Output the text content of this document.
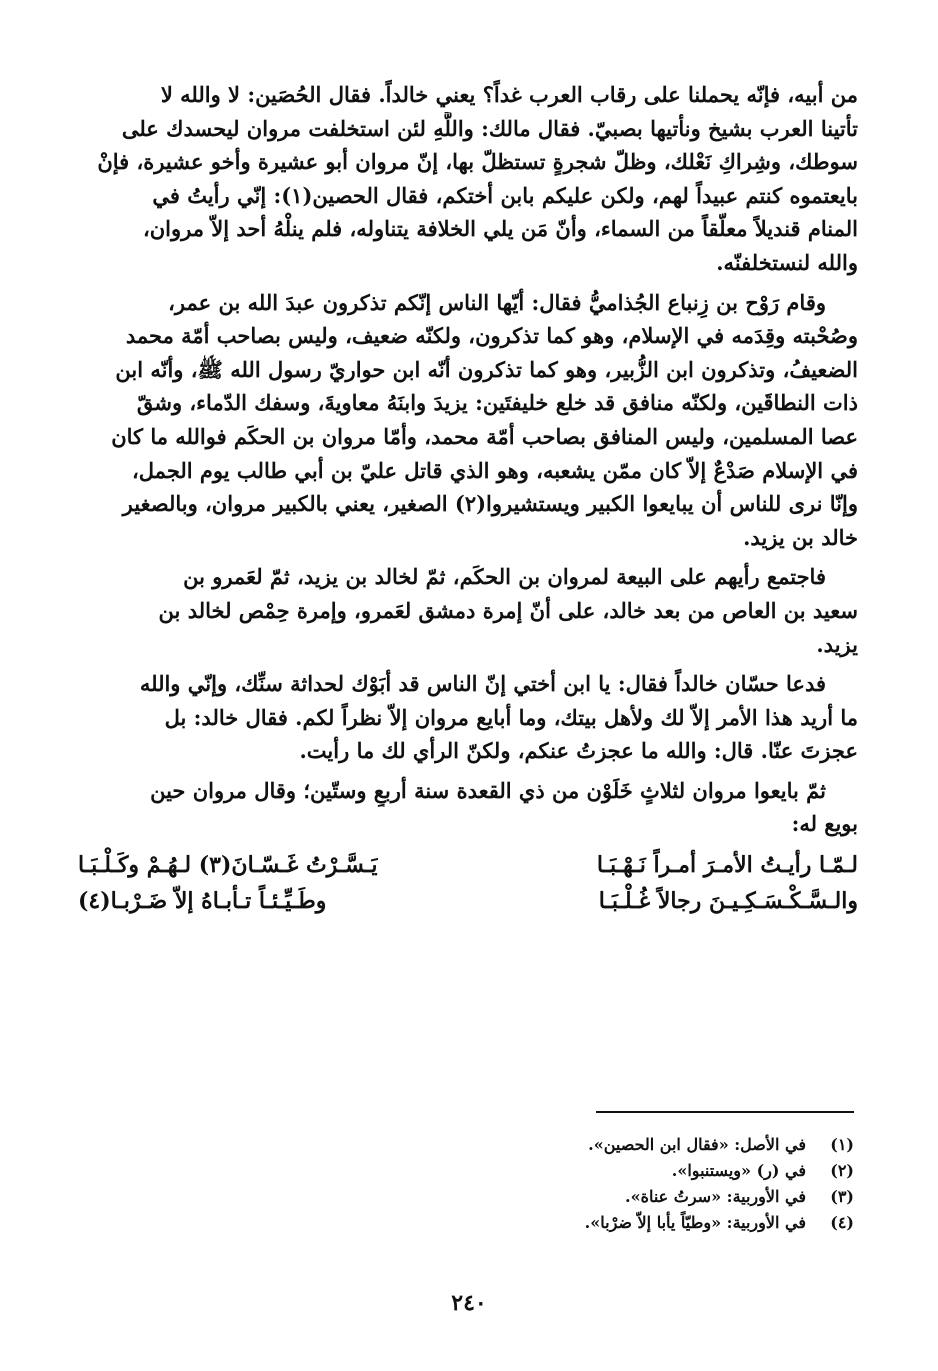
من أبيه، فإنّه يحملنا على رقاب العرب غداً؟ يعني خالداً. فقال الحُصَين: لا والله لا
تأتينا العرب بشيخ ونأتيها بصبيّ. فقال مالك: واللَّهِ لئن استخلفت مروان ليحسدك على
سوطك، وشِراكِ نَعْلك، وظلّ شجرةٍ تستظلّ بها، إنّ مروان أبو عشيرة وأخو عشيرة، فإنْ
بايعتموه كنتم عبيداً لهم، ولكن عليكم بابن أختكم، فقال الحصين(١): إنّي رأيتُ في
المنام قنديلاً معلّقاً من السماء، وأنّ مَن يلي الخلافة يتناوله، فلم ينلْهُ أحد إلاّ مروان،
والله لنستخلفنّه.
وقام رَوْح بن زِنباع الجُذاميُّ فقال: أيّها الناس إنّكم تذكرون عبدَ الله بن عمر،
وصُحْبته وقِدَمه في الإسلام، وهو كما تذكرون، ولكنّه ضعيف، وليس بصاحب أمّة محمد
الضعيفُ، وتذكرون ابن الزُّبير، وهو كما تذكرون أنّه ابن حواريّ رسول الله ﷺ، وأنّه ابن
ذات النطاقَين، ولكنّه منافق قد خلع خليفتَين: يزيدَ وابنَهُ معاويةَ، وسفك الدّماء، وشقّ
عصا المسلمين، وليس المنافق بصاحب أمّة محمد، وأمّا مروان بن الحكَم فوالله ما كان
في الإسلام صَدْعٌ إلاّ كان ممّن يشعبه، وهو الذي قاتل عليّ بن أبي طالب يوم الجمل،
وإنّا نرى للناس أن يبايعوا الكبير ويستشيروا(٢) الصغير، يعني بالكبير مروان، وبالصغير
خالد بن يزيد.
فاجتمع رأيهم على البيعة لمروان بن الحكَم، ثمّ لخالد بن يزيد، ثمّ لعَمرو بن
سعيد بن العاص من بعد خالد، على أنّ إمرة دمشق لعَمرو، وإمرة حِمْص لخالد بن
يزيد.
فدعا حسّان خالداً فقال: يا ابن أختي إنّ الناس قد أبَوْك لحداثة سنِّك، وإنّي والله
ما أريد هذا الأمر إلاّ لك ولأهل بيتك، وما أبايع مروان إلاّ نظراً لكم. فقال خالد: بل
عجزتَ عنّا. قال: والله ما عجزتُ عنكم، ولكنّ الرأي لك ما رأيت.
ثمّ بايعوا مروان لثلاثٍ خَلَوْن من ذي القعدة سنة أربعٍ وستّين؛ وقال مروان حين
بويع له:
لـمّـا رأيـتُ الأمـرَ أمـراً نَـهْـبَـا
يَـسَّـرْتُ غَـسّـانَ(٣) لـهُـمْ وكَـلْـبَـا
والـسَّـكْـسَـكِـيـنَ رجالاً غُـلْـبَـا
وطَـيِّـئـاً تـأبـاهُ إلاّ ضَـرْبـا(٤)
(١)
في الأصل: «فقال ابن الحصين».
(٢)
في (ر) «ويستنبوا».
(٣)
في الأوربية: «سرتُ عناة».
(٤)
في الأوربية: «وطيّاً يأبا إلاّ ضرْبا».
٢٤٠
